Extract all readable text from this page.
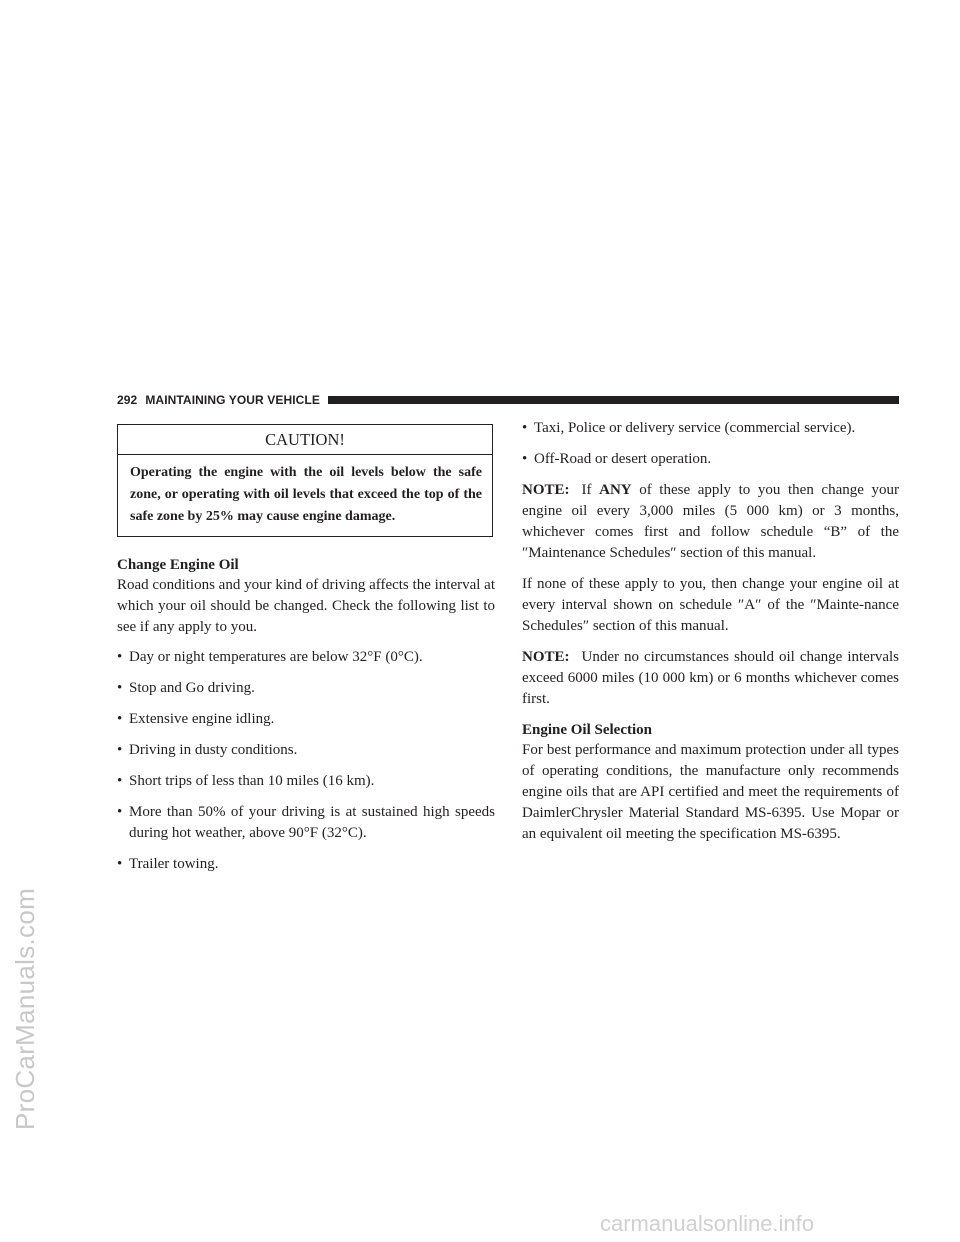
ProCarManuals.com
carmanualsonline.info
292 MAINTAINING YOUR VEHICLE
CAUTION!
Operating the engine with the oil levels below the safe zone, or operating with oil levels that exceed the top of the safe zone by 25% may cause engine damage.
Change Engine Oil

Road conditions and your kind of driving affects the interval at which your oil should be changed. Check the following list to see if any apply to you.

• Day or night temperatures are below 32°F (0°C).
• Stop and Go driving.
• Extensive engine idling.
• Driving in dusty conditions.
• Short trips of less than 10 miles (16 km).
• More than 50% of your driving is at sustained high speeds during hot weather, above 90°F (32°C).
• Trailer towing.
• Taxi, Police or delivery service (commercial service).
• Off-Road or desert operation.

NOTE: If ANY of these apply to you then change your engine oil every 3,000 miles (5 000 km) or 3 months, whichever comes first and follow schedule “B” of the ″Maintenance Schedules″ section of this manual.

If none of these apply to you, then change your engine oil at every interval shown on schedule ″A″ of the ″Mainte-nance Schedules″ section of this manual.

NOTE: Under no circumstances should oil change intervals exceed 6000 miles (10 000 km) or 6 months whichever comes first.

Engine Oil Selection

For best performance and maximum protection under all types of operating conditions, the manufacture only recommends engine oils that are API certified and meet the requirements of DaimlerChrysler Material Standard MS-6395. Use Mopar or an equivalent oil meeting the specification MS-6395.
